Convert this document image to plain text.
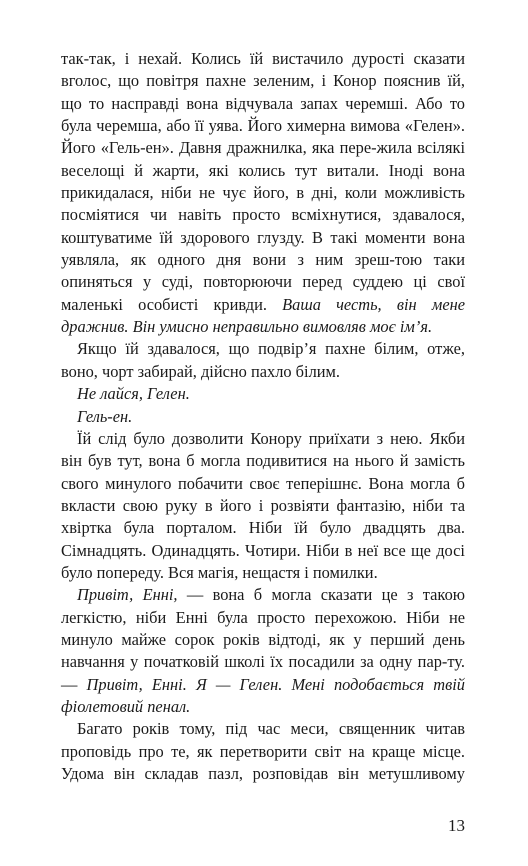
так-так, і нехай. Колись їй вистачило дурості сказати вголос, що повітря пахне зеленим, і Конор пояснив їй, що то насправді вона відчувала запах черемші. Або то була черемша, або її уява. Його химерна вимова «Гелен». Його «Гель-ен». Давня дражнилка, яка пере-жила всілякі веселощі й жарти, які колись тут витали. Іноді вона прикидалася, ніби не чує його, в дні, коли можливість посміятися чи навіть просто всміхнутися, здавалося, коштуватиме їй здорового глузду. В такі моменти вона уявляла, як одного дня вони з ним зреш-тою таки опиняться у суді, повторюючи перед суддею ці свої маленькі особисті кривди. Ваша честь, він мене дражнив. Він умисно неправильно вимовляв моє ім’я.

Якщо їй здавалося, що подвір’я пахне білим, отже, воно, чорт забирай, дійсно пахло білим.

Не лайся, Гелен.

Гель-ен.

Їй слід було дозволити Конору приїхати з нею. Якби він був тут, вона б могла подивитися на нього й замість свого минулого побачити своє теперішнє. Вона могла б вкласти свою руку в його і розвіяти фантазію, ніби та хвіртка була порталом. Ніби їй було двадцять два. Сімнадцять. Одинадцять. Чотири. Ніби в неї все ще досі було попереду. Вся магія, нещастя і помилки.

Привіт, Енні, — вона б могла сказати це з такою легкістю, ніби Енні була просто перехожою. Ніби не минуло майже сорок років відтоді, як у перший день навчання у початковій школі їх посадили за одну пар-ту. — Привіт, Енні. Я — Гелен. Мені подобається твій фіолетовий пенал.

Багато років тому, під час меси, священник читав проповідь про те, як перетворити світ на краще місце. Удома він складав пазл, розповідав він метушливому

13
